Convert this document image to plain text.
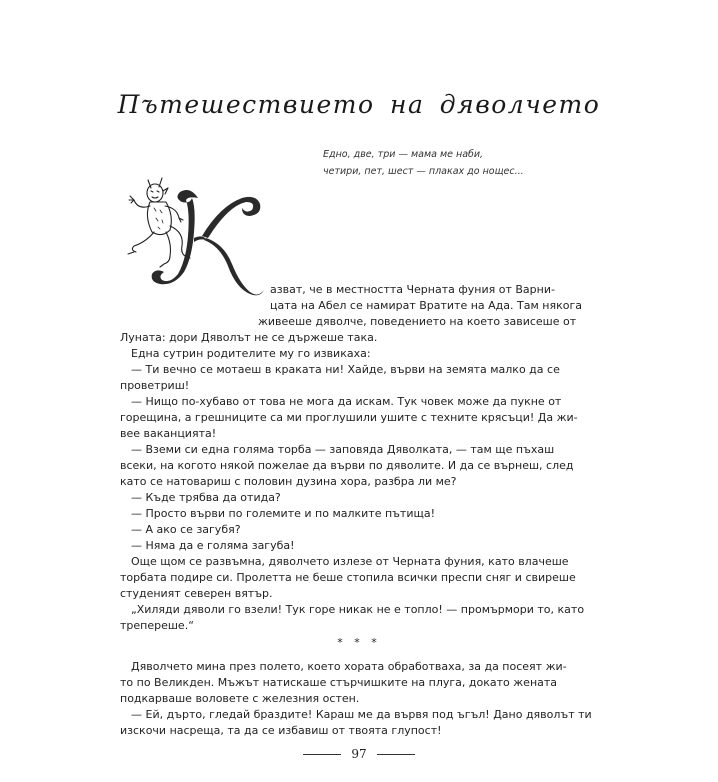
Пътешествието на дяволчето
Едно, две, три — мама ме наби,
четири, пет, шест — плаках до нощес...
азват, че в местността Черната фуния от Варни-
цата на Абел се намират Вратите на Ада. Там някога
живееше дяволче, поведението на което зависеше от
Луната: дори Дяволът не се държеше така.
Една сутрин родителите му го извикаха:
— Ти вечно се мотаеш в краката ни! Хайде, върви на земята малко да се
проветриш!
— Нищо по-хубаво от това не мога да искам. Тук човек може да пукне от
горещина, а грешниците са ми проглушили ушите с техните крясъци! Да жи-
вее ваканцията!
— Вземи си една голяма торба — заповяда Дяволката, — там ще пъхаш
всеки, на когото някой пожелае да върви по дяволите. И да се върнеш, след
като се натовариш с половин дузина хора, разбра ли ме?
— Къде трябва да отида?
— Просто върви по големите и по малките пътища!
— А ако се загубя?
— Няма да е голяма загуба!
Още щом се развъмна, дяволчето излезе от Черната фуния, като влачеше
торбата подире си. Пролетта не беше стопила всички преспи сняг и свиреше
студеният северен вятър.
„Хиляди дяволи го взели! Тук горе никак не е топло! — промърмори то, като
трепереше.“
Дяволчето мина през полето, което хората обработваха, за да посеят жи-
то по Великден. Мъжът натискаше стърчишките на плуга, докато жената
подкарваше воловете с железния остен.
— Ей, дърто, гледай браздите! Караш ме да вървя под ъгъл! Дано дяволът ти
изскочи насреща, та да се избавиш от твоята глупост!
* * *
97
